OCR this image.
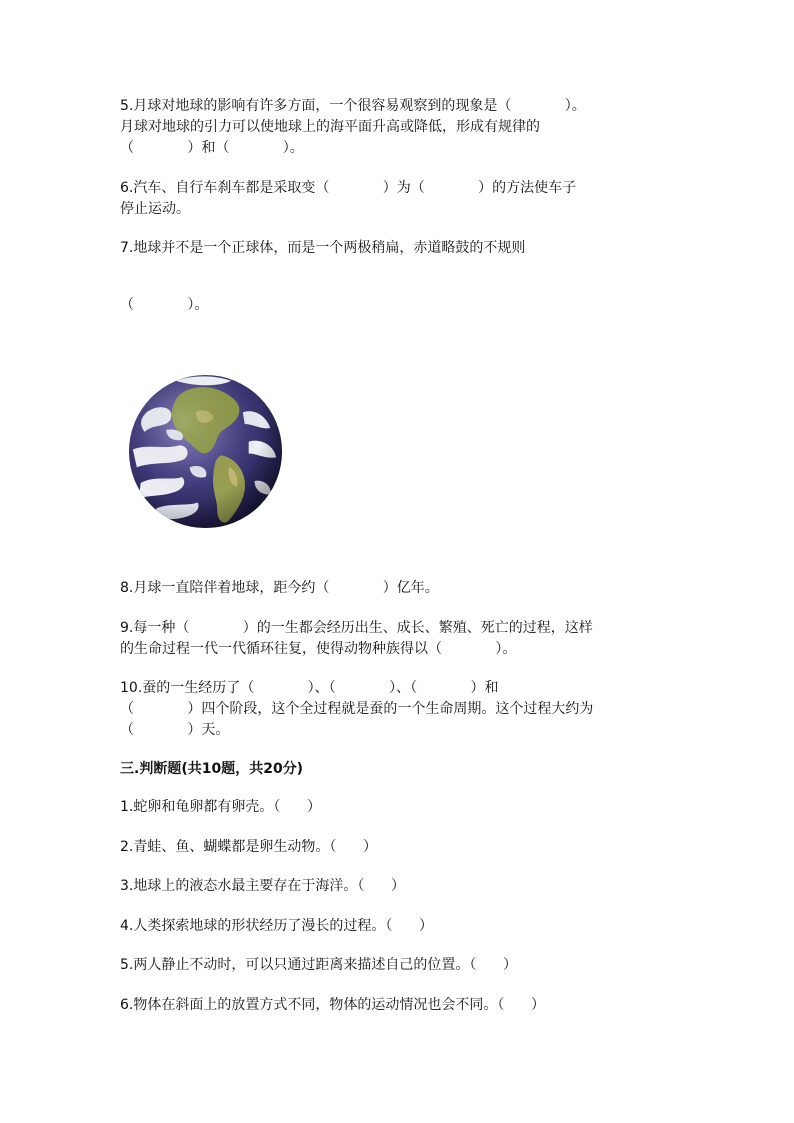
5.月球对地球的影响有许多方面，一个很容易观察到的现象是（            ）。
月球对地球的引力可以使地球上的海平面升高或降低，形成有规律的
（            ）和（            ）。
6.汽车、自行车刹车都是采取变（            ）为（            ）的方法使车子
停止运动。
7.地球并不是一个正球体，而是一个两极稍扁，赤道略鼓的不规则
（            ）。
8.月球一直陪伴着地球，距今约（            ）亿年。
9.每一种（            ）的一生都会经历出生、成长、繁殖、死亡的过程，这样
的生命过程一代一代循环往复，使得动物种族得以（            ）。
10.蚕的一生经历了（            ）、（            ）、（            ）和
（            ）四个阶段，这个全过程就是蚕的一个生命周期。这个过程大约为
（            ）天。
三.判断题(共10题，共20分)
1.蛇卵和龟卵都有卵壳。（      ）
2.青蛙、鱼、蝴蝶都是卵生动物。（      ）
3.地球上的液态水最主要存在于海洋。（      ）
4.人类探索地球的形状经历了漫长的过程。（      ）
5.两人静止不动时，可以只通过距离来描述自己的位置。（      ）
6.物体在斜面上的放置方式不同，物体的运动情况也会不同。（      ）
